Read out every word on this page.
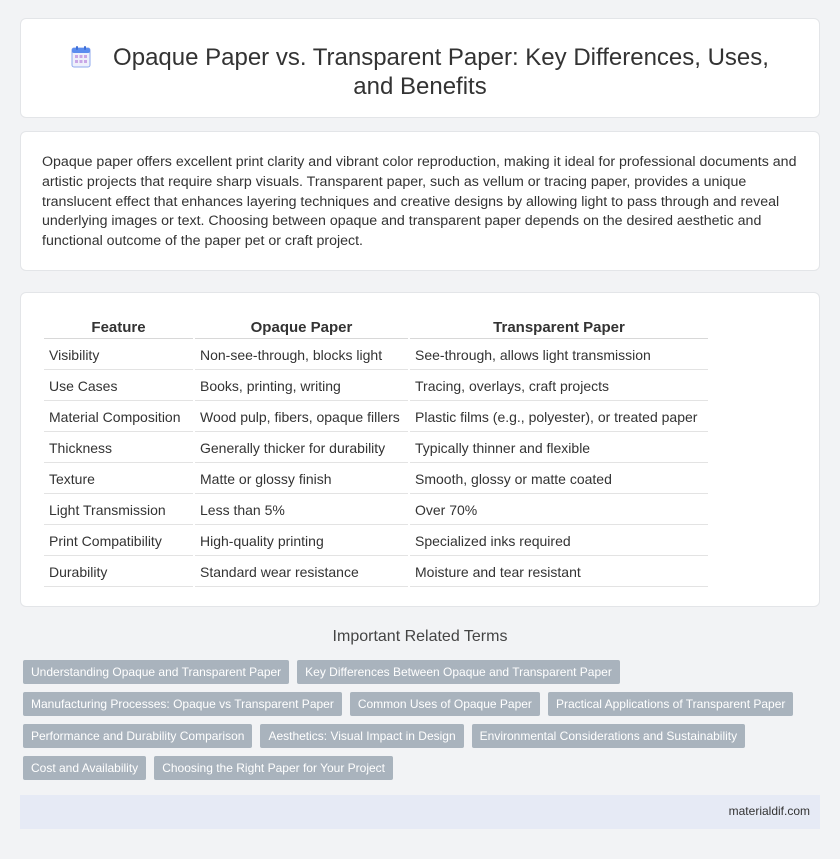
Opaque Paper vs. Transparent Paper: Key Differences, Uses, and Benefits

Opaque paper offers excellent print clarity and vibrant color reproduction, making it ideal for professional documents and artistic projects that require sharp visuals. Transparent paper, such as vellum or tracing paper, provides a unique translucent effect that enhances layering techniques and creative designs by allowing light to pass through and reveal underlying images or text. Choosing between opaque and transparent paper depends on the desired aesthetic and functional outcome of the paper pet or craft project.

Feature	Opaque Paper	Transparent Paper
Visibility	Non-see-through, blocks light	See-through, allows light transmission
Use Cases	Books, printing, writing	Tracing, overlays, craft projects
Material Composition	Wood pulp, fibers, opaque fillers	Plastic films (e.g., polyester), or treated paper
Thickness	Generally thicker for durability	Typically thinner and flexible
Texture	Matte or glossy finish	Smooth, glossy or matte coated
Light Transmission	Less than 5%	Over 70%
Print Compatibility	High-quality printing	Specialized inks required
Durability	Standard wear resistance	Moisture and tear resistant
Important Related Terms
Understanding Opaque and Transparent Paper	Key Differences Between Opaque and Transparent Paper
Manufacturing Processes: Opaque vs Transparent Paper	Common Uses of Opaque Paper	Practical Applications of Transparent Paper
Performance and Durability Comparison	Aesthetics: Visual Impact in Design	Environmental Considerations and Sustainability
Cost and Availability	Choosing the Right Paper for Your Project
materialdif.com
